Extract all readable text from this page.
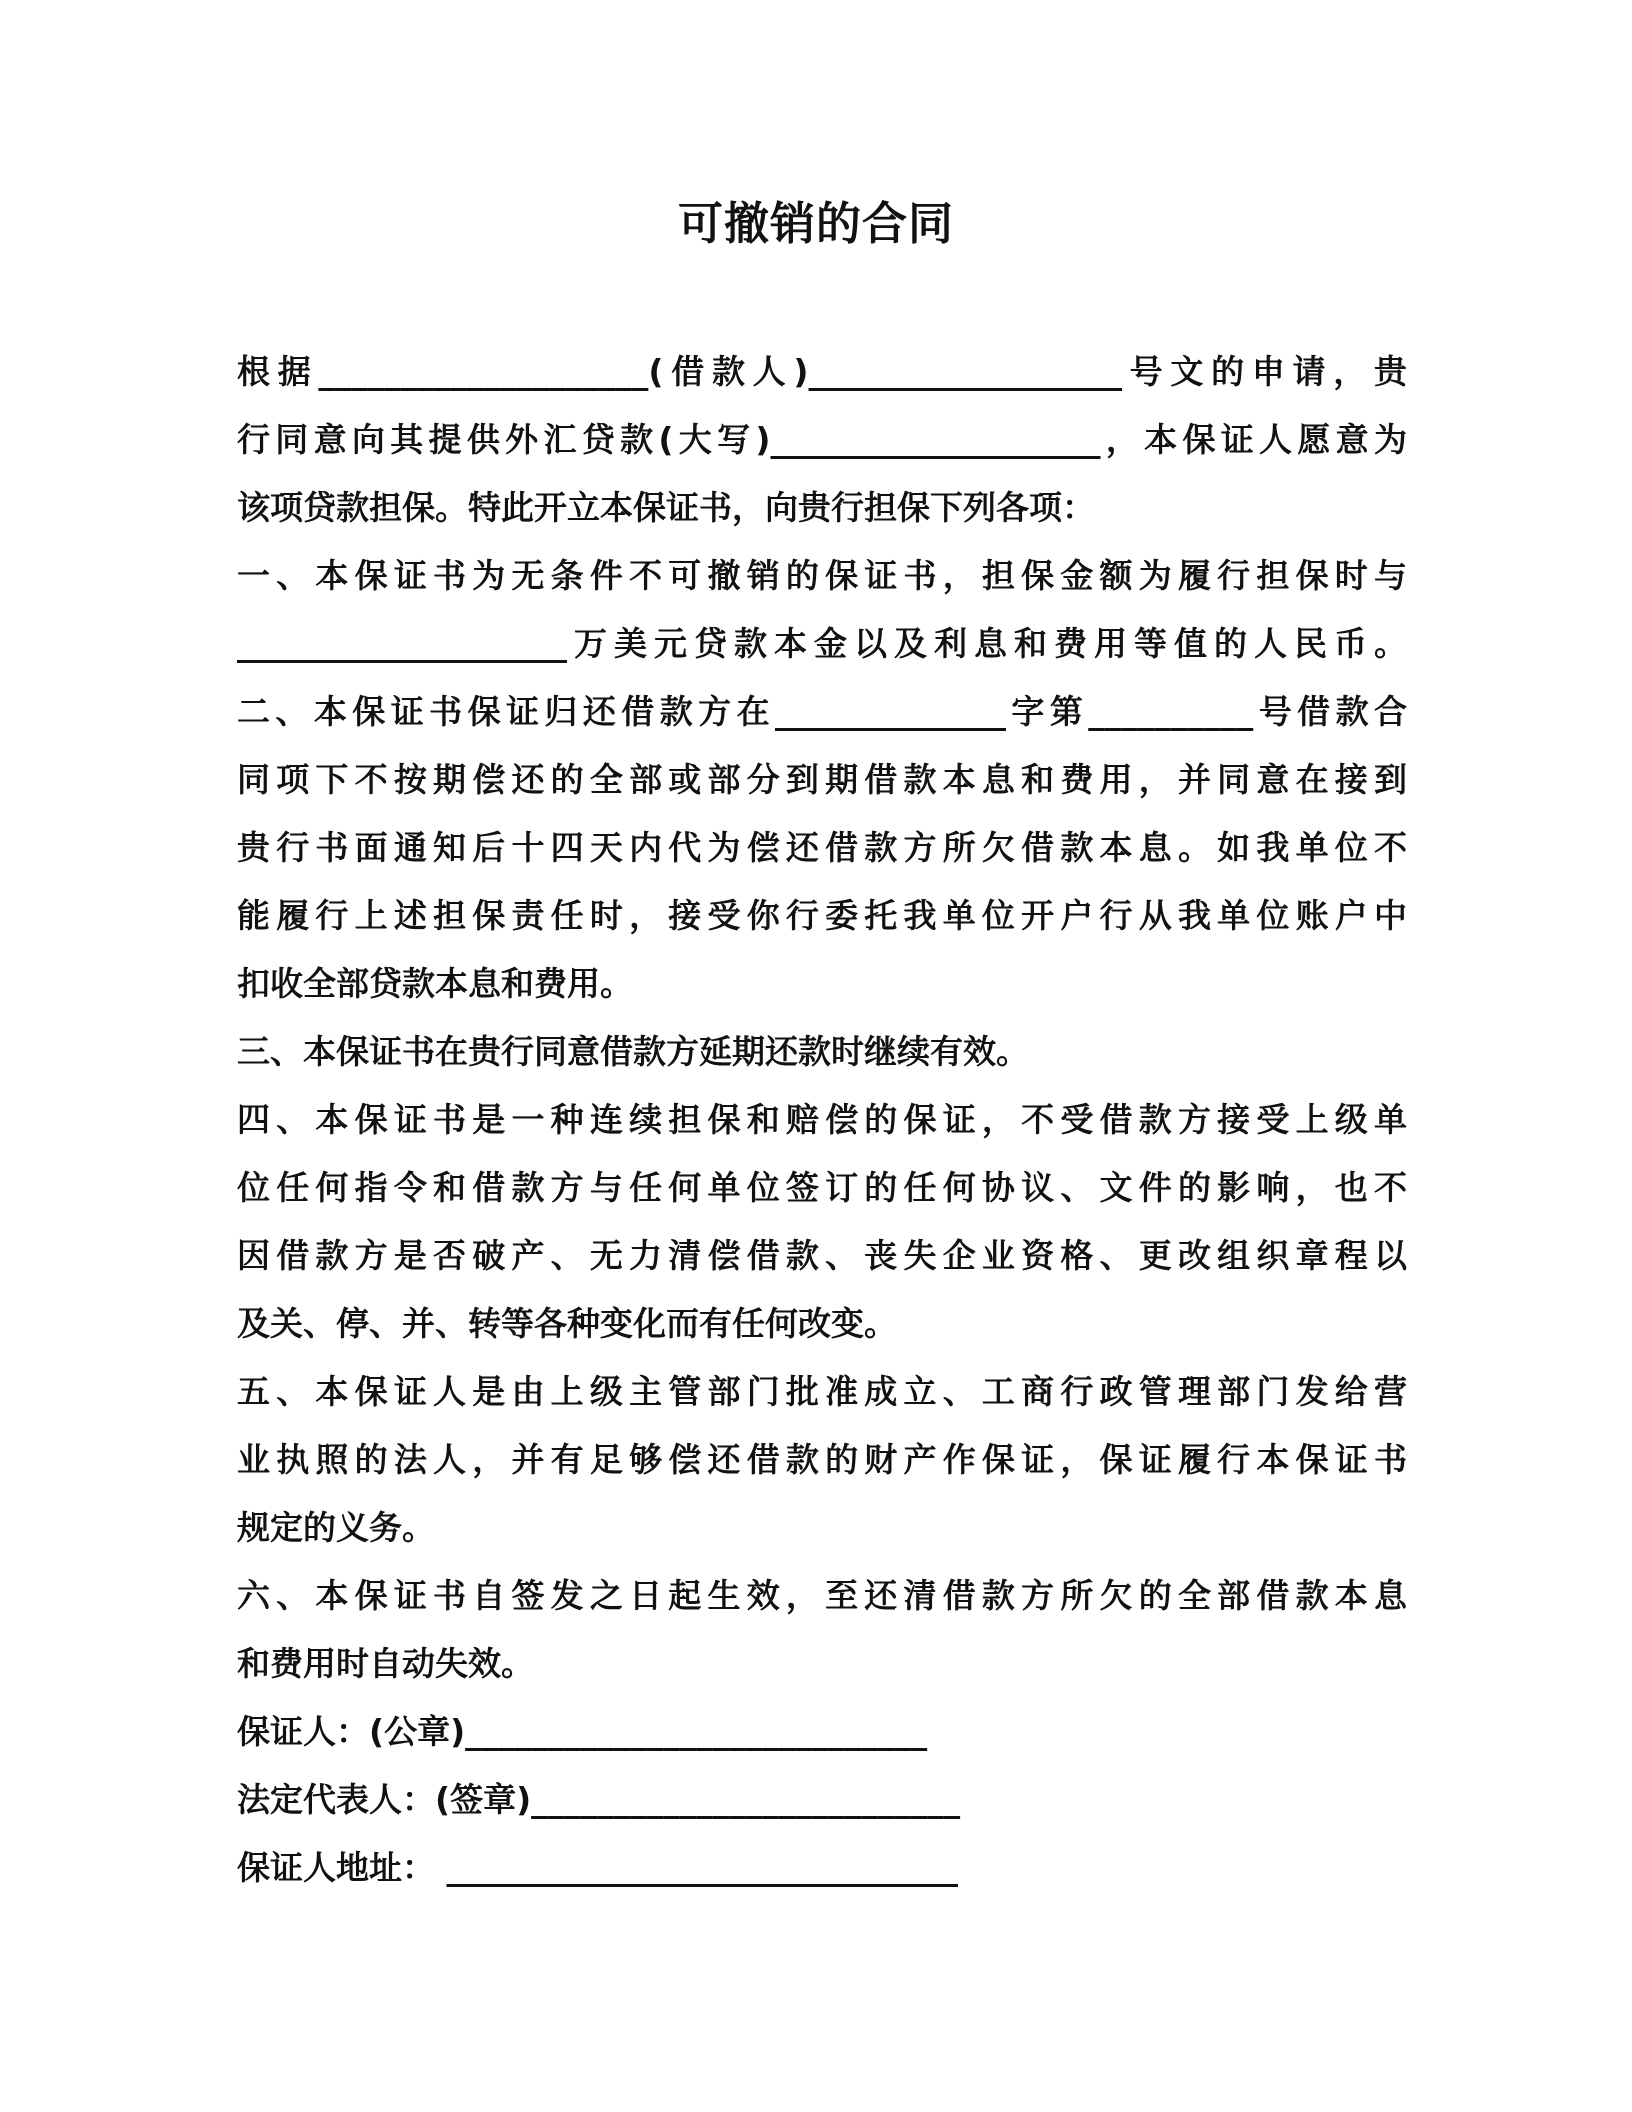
可撤销的合同
根据____________________(借款人)___________________号文的申请，贵
行同意向其提供外汇贷款(大写)____________________，本保证人愿意为
该项贷款担保。特此开立本保证书，向贵行担保下列各项：
一、本保证书为无条件不可撤销的保证书，担保金额为履行担保时与
____________________万美元贷款本金以及利息和费用等值的人民币。
二、本保证书保证归还借款方在______________字第__________号借款合
同项下不按期偿还的全部或部分到期借款本息和费用，并同意在接到
贵行书面通知后十四天内代为偿还借款方所欠借款本息。如我单位不
能履行上述担保责任时，接受你行委托我单位开户行从我单位账户中
扣收全部贷款本息和费用。
三、本保证书在贵行同意借款方延期还款时继续有效。
四、本保证书是一种连续担保和赔偿的保证，不受借款方接受上级单
位任何指令和借款方与任何单位签订的任何协议、文件的影响，也不
因借款方是否破产、无力清偿借款、丧失企业资格、更改组织章程以
及关、停、并、转等各种变化而有任何改变。
五、本保证人是由上级主管部门批准成立、工商行政管理部门发给营
业执照的法人，并有足够偿还借款的财产作保证，保证履行本保证书
规定的义务。
六、本保证书自签发之日起生效，至还清借款方所欠的全部借款本息
和费用时自动失效。
保证人：(公章)____________________________
法定代表人：(签章)__________________________
保证人地址： _______________________________
